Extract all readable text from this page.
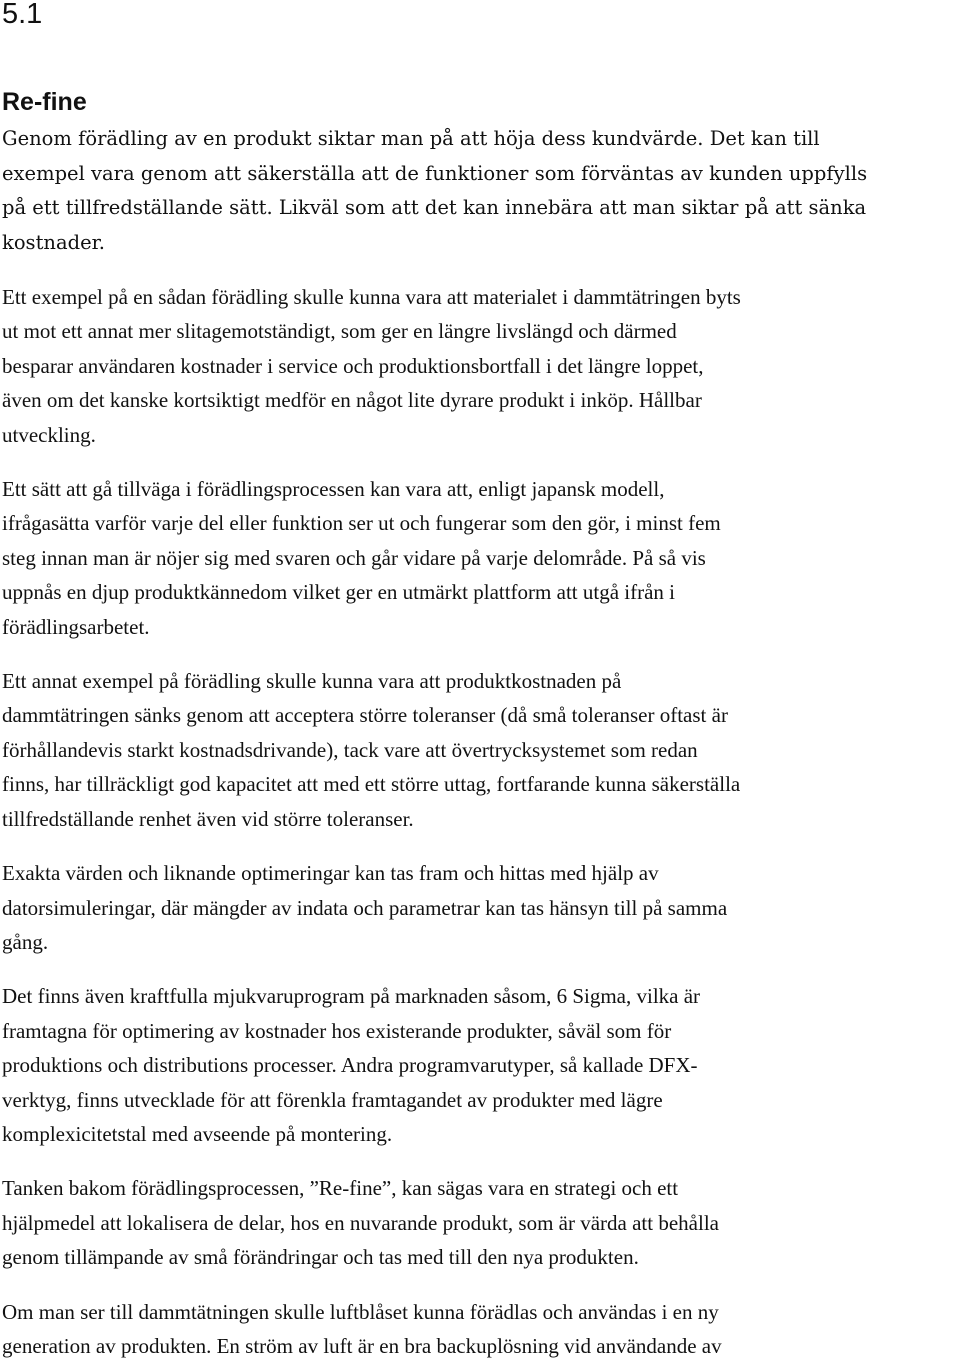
5.1
Re-fine

Genom förädling av en produkt siktar man på att höja dess kundvärde. Det kan till
exempel vara genom att säkerställa att de funktioner som förväntas av kunden uppfylls
på ett tillfredställande sätt. Likväl som att det kan innebära att man siktar på att sänka
kostnader.

Ett exempel på en sådan förädling skulle kunna vara att materialet i dammtätringen byts
ut mot ett annat mer slitagemotständigt, som ger en längre livslängd och därmed
besparar användaren kostnader i service och produktionsbortfall i det längre loppet,
även om det kanske kortsiktigt medför en något lite dyrare produkt i inköp. Hållbar
utveckling.

Ett sätt att gå tillväga i förädlingsprocessen kan vara att, enligt japansk modell,
ifrågasätta varför varje del eller funktion ser ut och fungerar som den gör, i minst fem
steg innan man är nöjer sig med svaren och går vidare på varje delområde. På så vis
uppnås en djup produktkännedom vilket ger en utmärkt plattform att utgå ifrån i
förädlingsarbetet.

Ett annat exempel på förädling skulle kunna vara att produktkostnaden på
dammtätringen sänks genom att acceptera större toleranser (då små toleranser oftast är
förhållandevis starkt kostnadsdrivande), tack vare att övertrycksystemet som redan
finns, har tillräckligt god kapacitet att med ett större uttag, fortfarande kunna säkerställa
tillfredställande renhet även vid större toleranser.

Exakta värden och liknande optimeringar kan tas fram och hittas med hjälp av
datorsimuleringar, där mängder av indata och parametrar kan tas hänsyn till på samma
gång.

Det finns även kraftfulla mjukvaruprogram på marknaden såsom, 6 Sigma, vilka är
framtagna för optimering av kostnader hos existerande produkter, såväl som för
produktions och distributions processer. Andra programvarutyper, så kallade DFX-
verktyg, finns utvecklade för att förenkla framtagandet av produkter med lägre
komplexicitetstal med avseende på montering.

Tanken bakom förädlingsprocessen, ”Re-fine”, kan sägas vara en strategi och ett
hjälpmedel att lokalisera de delar, hos en nuvarande produkt, som är värda att behålla
genom tillämpande av små förändringar och tas med till den nya produkten.

Om man ser till dammtätningen skulle luftblåset kunna förädlas och användas i en ny
generation av produkten. En ström av luft är en bra backuplösning vid användande av
